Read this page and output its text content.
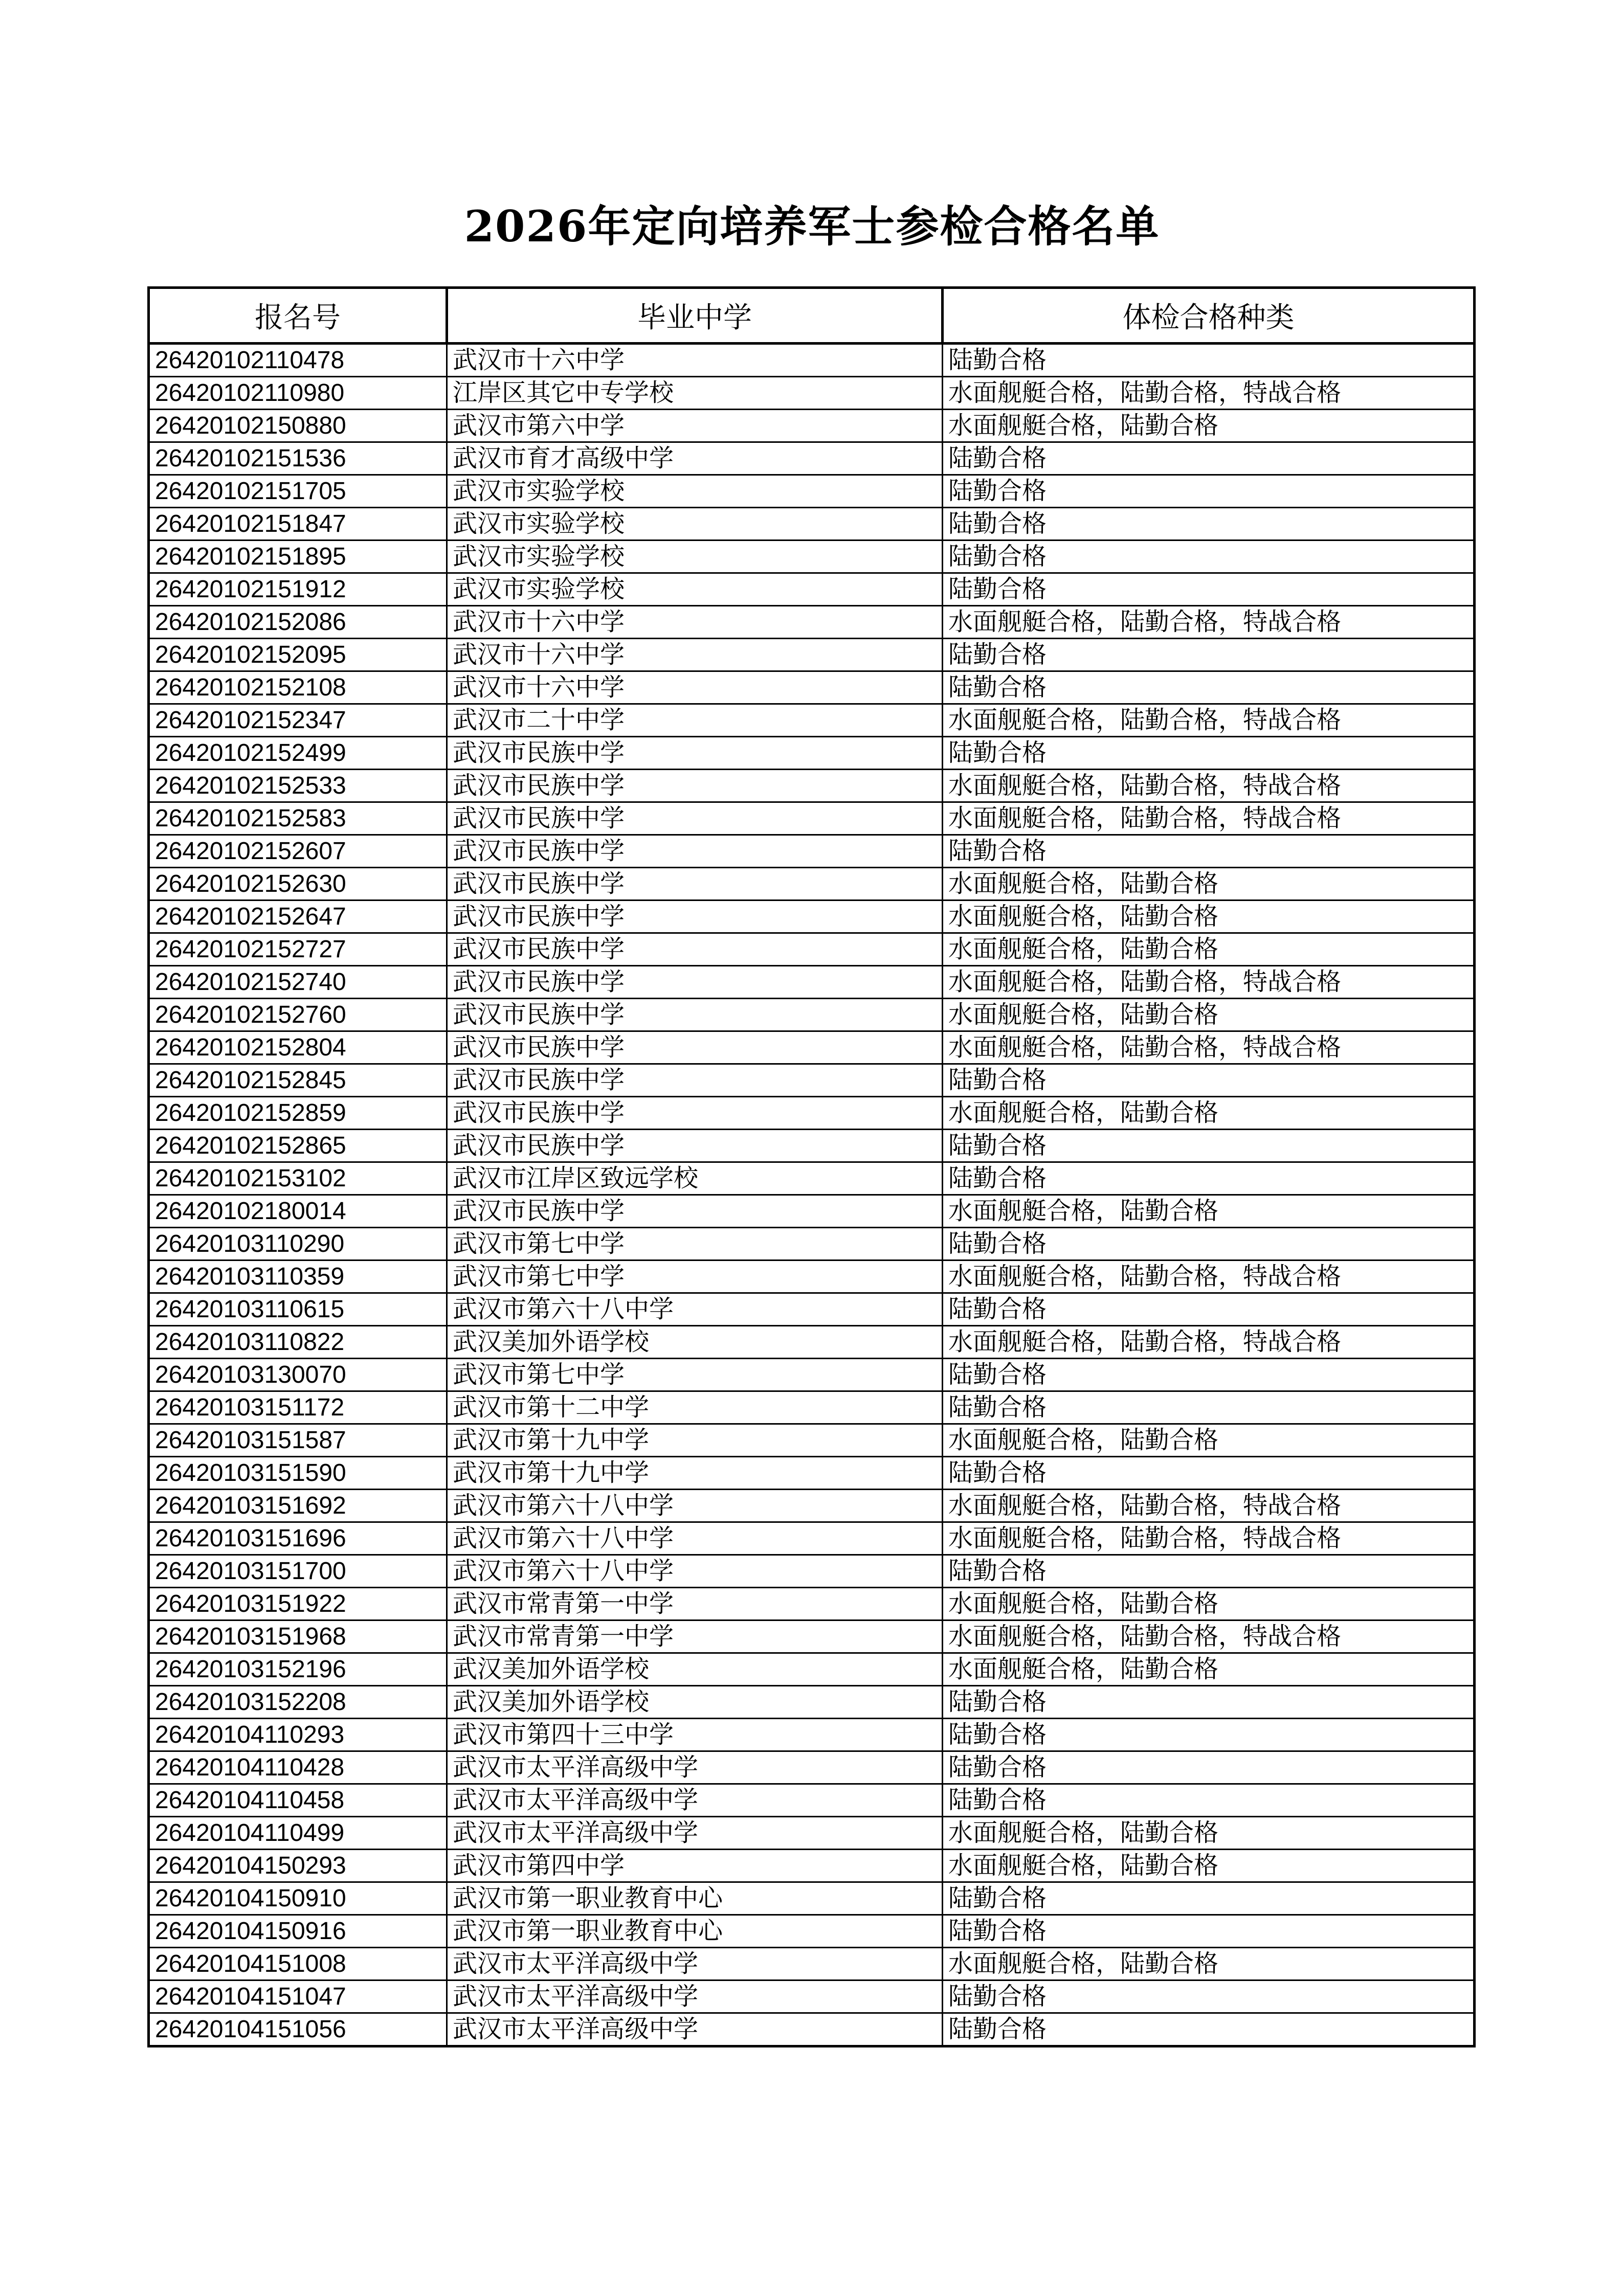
2026年定向培养军士参检合格名单
报名号	毕业中学	体检合格种类
26420102110478	武汉市十六中学	陆勤合格
26420102110980	江岸区其它中专学校	水面舰艇合格，陆勤合格，特战合格
26420102150880	武汉市第六中学	水面舰艇合格，陆勤合格
26420102151536	武汉市育才高级中学	陆勤合格
26420102151705	武汉市实验学校	陆勤合格
26420102151847	武汉市实验学校	陆勤合格
26420102151895	武汉市实验学校	陆勤合格
26420102151912	武汉市实验学校	陆勤合格
26420102152086	武汉市十六中学	水面舰艇合格，陆勤合格，特战合格
26420102152095	武汉市十六中学	陆勤合格
26420102152108	武汉市十六中学	陆勤合格
26420102152347	武汉市二十中学	水面舰艇合格，陆勤合格，特战合格
26420102152499	武汉市民族中学	陆勤合格
26420102152533	武汉市民族中学	水面舰艇合格，陆勤合格，特战合格
26420102152583	武汉市民族中学	水面舰艇合格，陆勤合格，特战合格
26420102152607	武汉市民族中学	陆勤合格
26420102152630	武汉市民族中学	水面舰艇合格，陆勤合格
26420102152647	武汉市民族中学	水面舰艇合格，陆勤合格
26420102152727	武汉市民族中学	水面舰艇合格，陆勤合格
26420102152740	武汉市民族中学	水面舰艇合格，陆勤合格，特战合格
26420102152760	武汉市民族中学	水面舰艇合格，陆勤合格
26420102152804	武汉市民族中学	水面舰艇合格，陆勤合格，特战合格
26420102152845	武汉市民族中学	陆勤合格
26420102152859	武汉市民族中学	水面舰艇合格，陆勤合格
26420102152865	武汉市民族中学	陆勤合格
26420102153102	武汉市江岸区致远学校	陆勤合格
26420102180014	武汉市民族中学	水面舰艇合格，陆勤合格
26420103110290	武汉市第七中学	陆勤合格
26420103110359	武汉市第七中学	水面舰艇合格，陆勤合格，特战合格
26420103110615	武汉市第六十八中学	陆勤合格
26420103110822	武汉美加外语学校	水面舰艇合格，陆勤合格，特战合格
26420103130070	武汉市第七中学	陆勤合格
26420103151172	武汉市第十二中学	陆勤合格
26420103151587	武汉市第十九中学	水面舰艇合格，陆勤合格
26420103151590	武汉市第十九中学	陆勤合格
26420103151692	武汉市第六十八中学	水面舰艇合格，陆勤合格，特战合格
26420103151696	武汉市第六十八中学	水面舰艇合格，陆勤合格，特战合格
26420103151700	武汉市第六十八中学	陆勤合格
26420103151922	武汉市常青第一中学	水面舰艇合格，陆勤合格
26420103151968	武汉市常青第一中学	水面舰艇合格，陆勤合格，特战合格
26420103152196	武汉美加外语学校	水面舰艇合格，陆勤合格
26420103152208	武汉美加外语学校	陆勤合格
26420104110293	武汉市第四十三中学	陆勤合格
26420104110428	武汉市太平洋高级中学	陆勤合格
26420104110458	武汉市太平洋高级中学	陆勤合格
26420104110499	武汉市太平洋高级中学	水面舰艇合格，陆勤合格
26420104150293	武汉市第四中学	水面舰艇合格，陆勤合格
26420104150910	武汉市第一职业教育中心	陆勤合格
26420104150916	武汉市第一职业教育中心	陆勤合格
26420104151008	武汉市太平洋高级中学	水面舰艇合格，陆勤合格
26420104151047	武汉市太平洋高级中学	陆勤合格
26420104151056	武汉市太平洋高级中学	陆勤合格
